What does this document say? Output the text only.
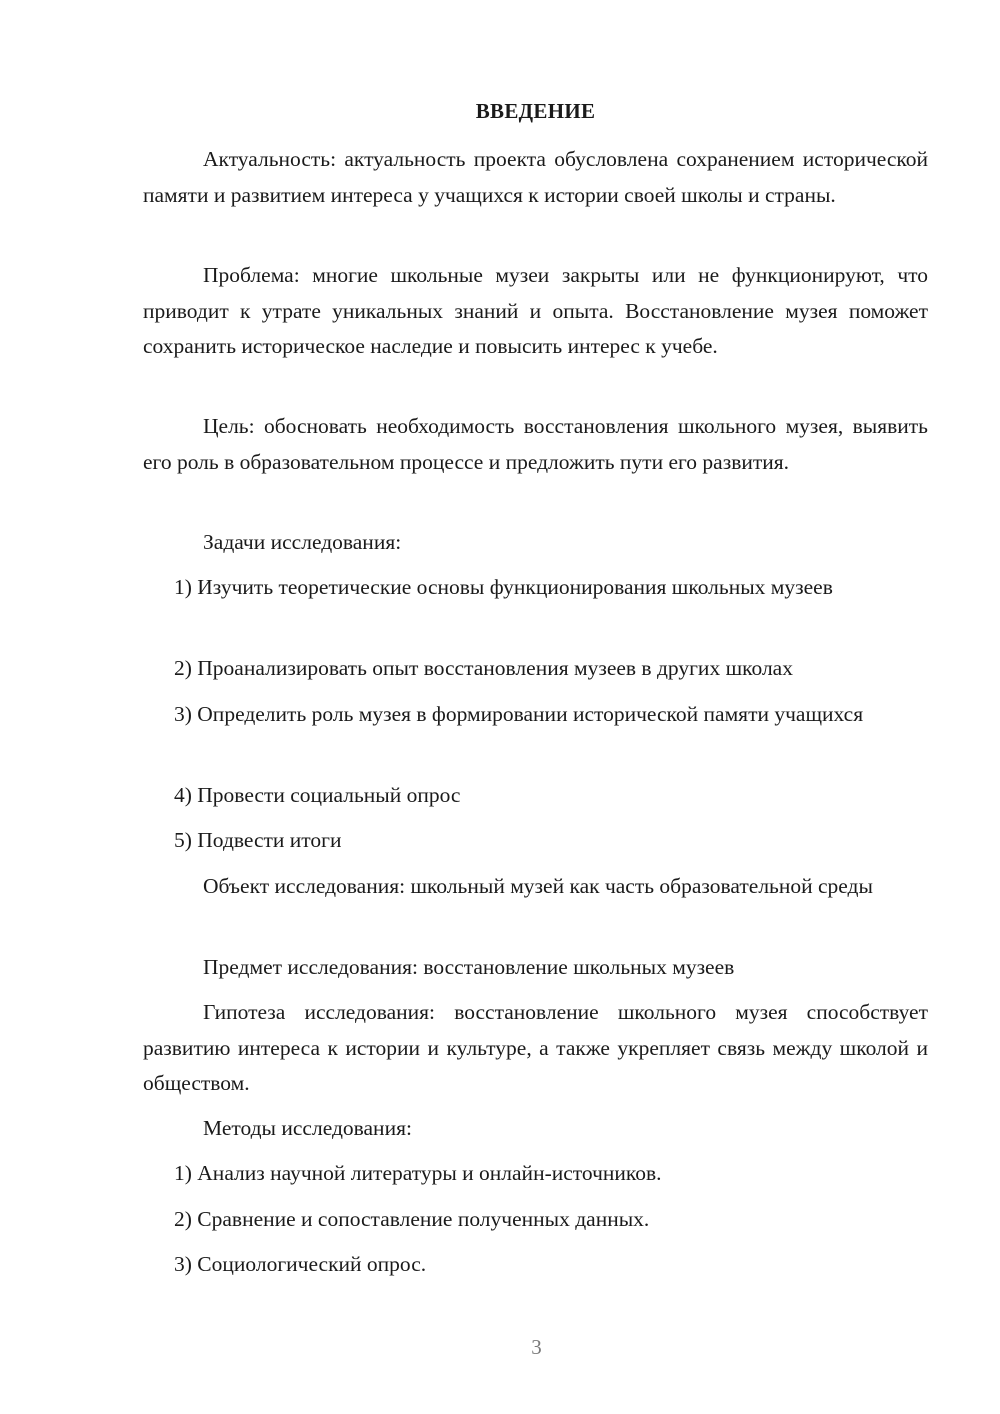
ВВЕДЕНИЕ

Актуальность: актуальность проекта обусловлена сохранением исторической памяти и развитием интереса у учащихся к истории своей школы и страны.

Проблема: многие школьные музеи закрыты или не функционируют, что приводит к утрате уникальных знаний и опыта. Восстановление музея поможет сохранить историческое наследие и повысить интерес к учебе.

Цель: обосновать необходимость восстановления школьного музея, выявить его роль в образовательном процессе и предложить пути его развития.

Задачи исследования:

1) Изучить теоретические основы функционирования школьных музеев

2) Проанализировать опыт восстановления музеев в других школах

3) Определить роль музея в формировании исторической памяти учащихся

4) Провести социальный опрос

5) Подвести итоги

Объект исследования: школьный музей как часть образовательной среды

Предмет исследования: восстановление школьных музеев

Гипотеза исследования: восстановление школьного музея способствует развитию интереса к истории и культуре, а также укрепляет связь между школой и обществом.

Методы исследования:

1) Анализ научной литературы и онлайн-источников.

2) Сравнение и сопоставление полученных данных.

3) Социологический опрос.

3
